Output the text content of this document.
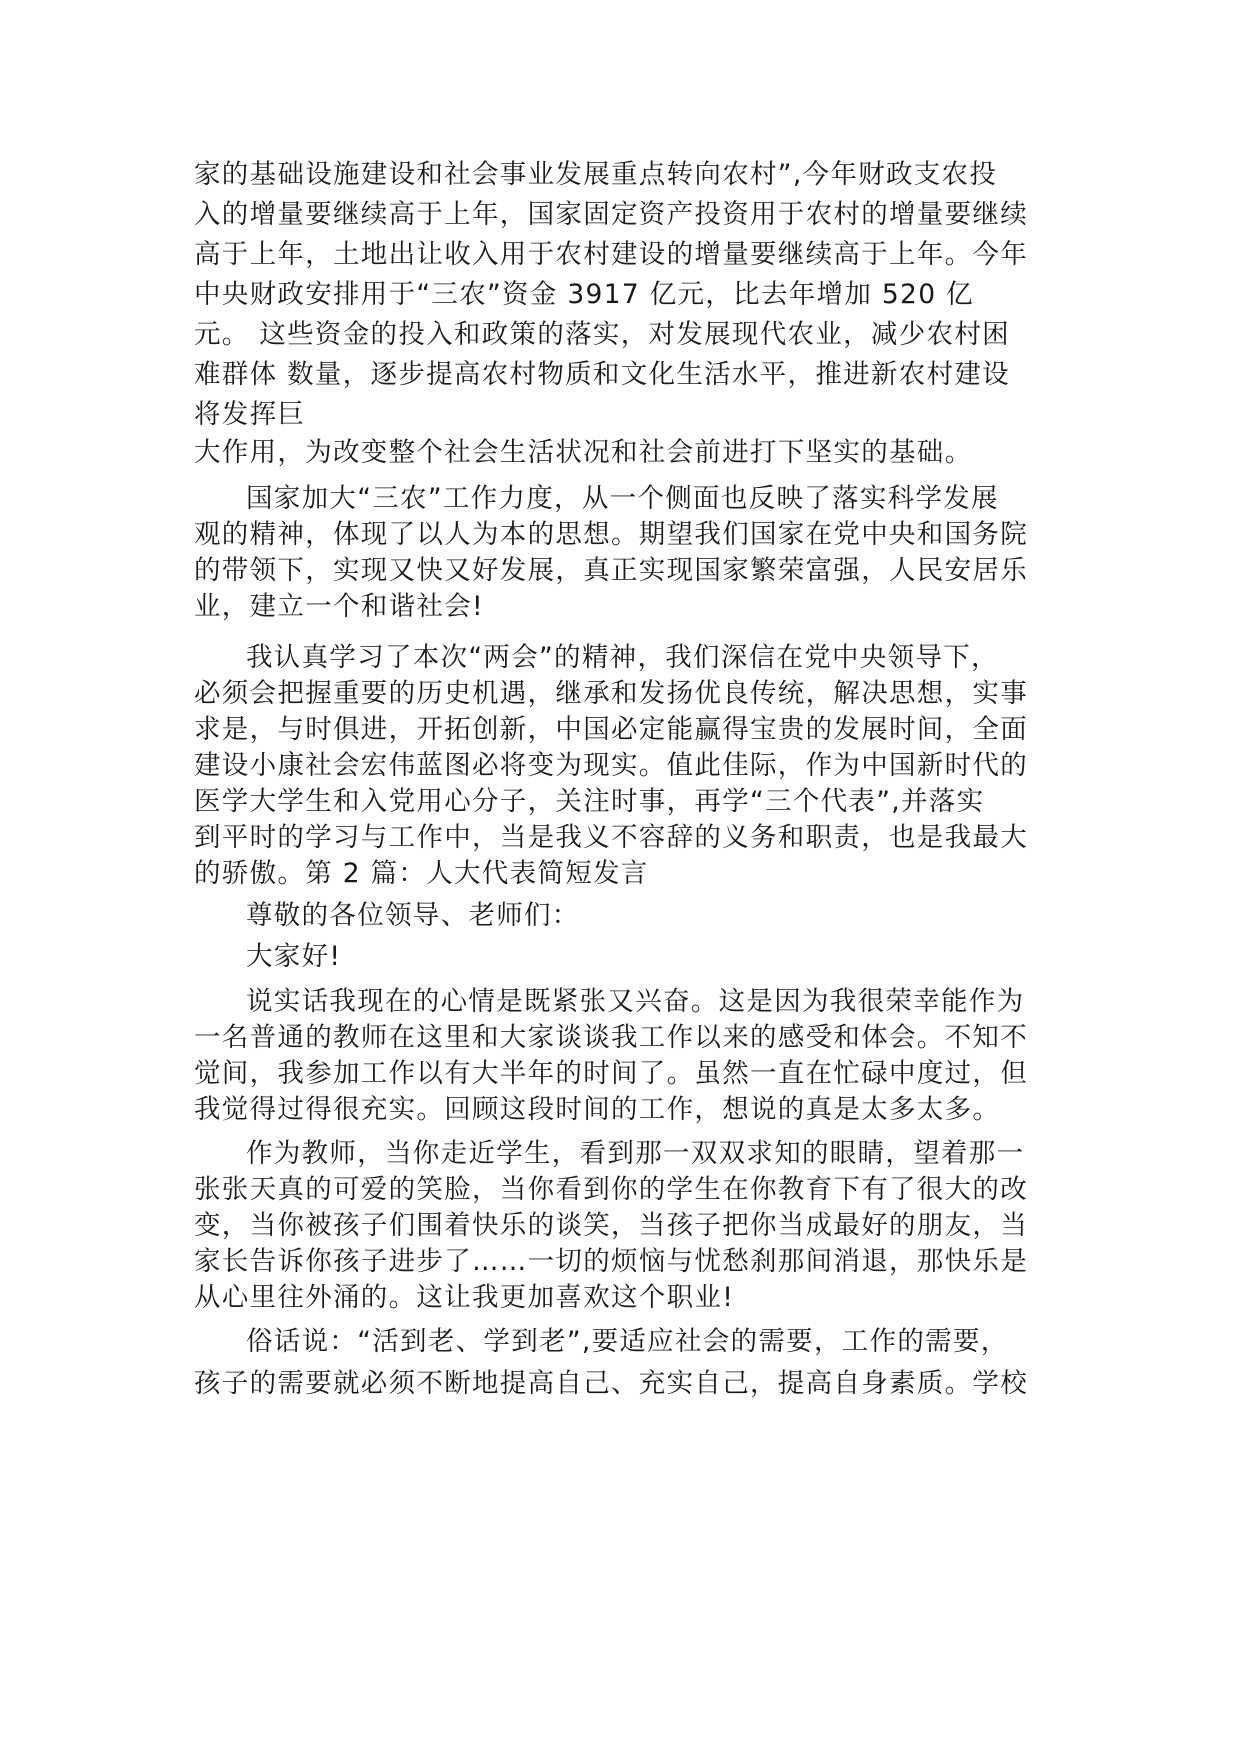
家的基础设施建设和社会事业发展重点转向农村”,今年财政支农投

入的增量要继续高于上年，国家固定资产投资用于农村的增量要继续

高于上年，土地出让收入用于农村建设的增量要继续高于上年。今年

中央财政安排用于“三农”资金 3917 亿元，比去年增加 520 亿

元。 这些资金的投入和政策的落实，对发展现代农业，减少农村困

难群体 数量，逐步提高农村物质和文化生活水平，推进新农村建设

将发挥巨

大作用，为改变整个社会生活状况和社会前进打下坚实的基础。

国家加大“三农”工作力度，从一个侧面也反映了落实科学发展

观的精神，体现了以人为本的思想。期望我们国家在党中央和国务院

的带领下，实现又快又好发展，真正实现国家繁荣富强，人民安居乐

业，建立一个和谐社会!

我认真学习了本次“两会”的精神，我们深信在党中央领导下，

必须会把握重要的历史机遇，继承和发扬优良传统，解决思想，实事

求是，与时俱进，开拓创新，中国必定能赢得宝贵的发展时间，全面

建设小康社会宏伟蓝图必将变为现实。值此佳际，作为中国新时代的

医学大学生和入党用心分子，关注时事，再学“三个代表”,并落实

到平时的学习与工作中，当是我义不容辞的义务和职责，也是我最大

的骄傲。第 2 篇：人大代表简短发言

尊敬的各位领导、老师们：

大家好!

说实话我现在的心情是既紧张又兴奋。这是因为我很荣幸能作为

一名普通的教师在这里和大家谈谈我工作以来的感受和体会。不知不

觉间，我参加工作以有大半年的时间了。虽然一直在忙碌中度过，但

我觉得过得很充实。回顾这段时间的工作，想说的真是太多太多。

作为教师，当你走近学生，看到那一双双求知的眼睛，望着那一

张张天真的可爱的笑脸，当你看到你的学生在你教育下有了很大的改

变，当你被孩子们围着快乐的谈笑，当孩子把你当成最好的朋友，当

家长告诉你孩子进步了……一切的烦恼与忧愁刹那间消退，那快乐是

从心里往外涌的。这让我更加喜欢这个职业!

俗话说：“活到老、学到老”,要适应社会的需要，工作的需要，

孩子的需要就必须不断地提高自己、充实自己，提高自身素质。学校
